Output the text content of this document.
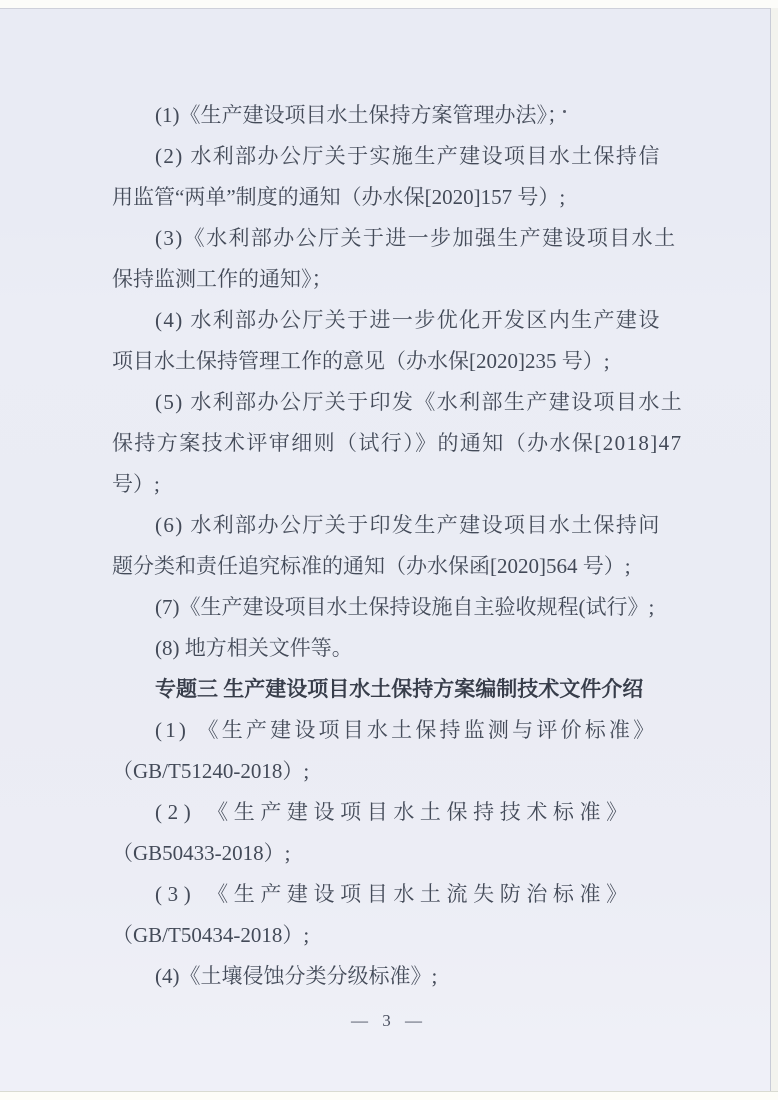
(1)《生产建设项目水土保持方案管理办法》；
(2) 水利部办公厅关于实施生产建设项目水土保持信
用监管“两单”制度的通知（办水保[2020]157 号）;
(3)《水利部办公厅关于进一步加强生产建设项目水土
保持监测工作的通知》；
(4) 水利部办公厅关于进一步优化开发区内生产建设
项目水土保持管理工作的意见（办水保[2020]235 号）;
(5) 水利部办公厅关于印发《水利部生产建设项目水土
保持方案技术评审细则（试行）》的通知（办水保[2018]47
号）;
(6) 水利部办公厅关于印发生产建设项目水土保持问
题分类和责任追究标准的通知（办水保函[2020]564 号）;
(7)《生产建设项目水土保持设施自主验收规程(试行》;
(8) 地方相关文件等。
专题三 生产建设项目水土保持方案编制技术文件介绍
(1) 《生产建设项目水土保持监测与评价标准》
（GB/T51240-2018）;
(2) 《生产建设项目水土保持技术标准》
（GB50433-2018）;
(3) 《生产建设项目水土流失防治标准》
（GB/T50434-2018）;
(4)《土壤侵蚀分类分级标准》;
— 3 —
